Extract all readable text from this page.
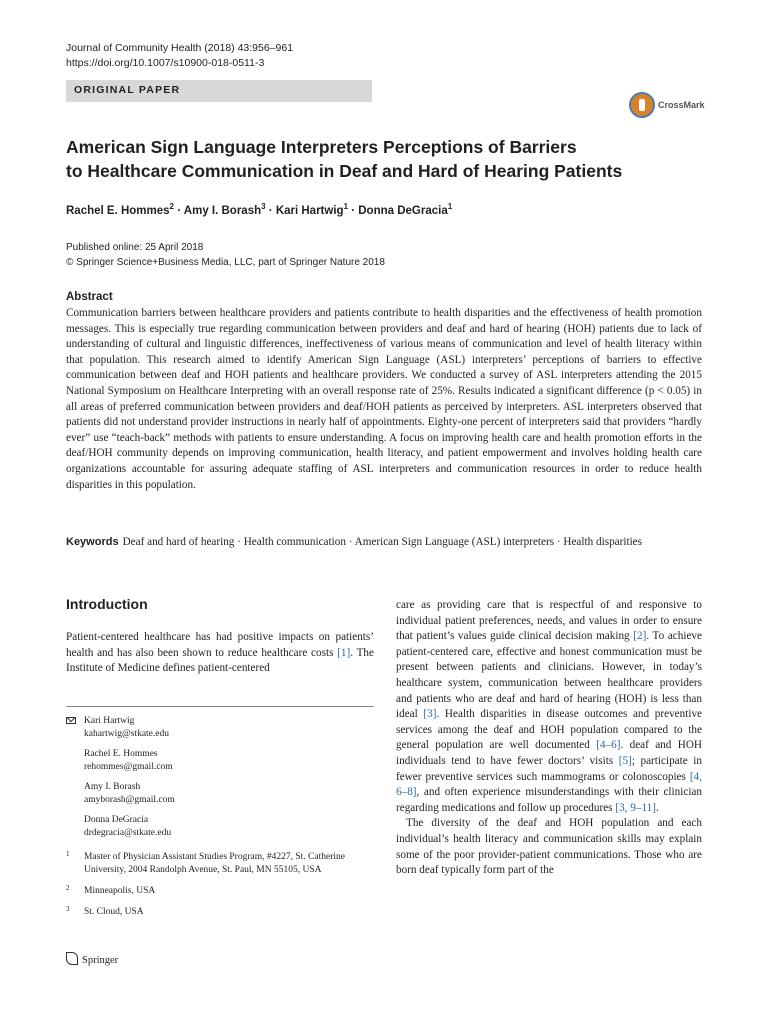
Journal of Community Health (2018) 43:956–961
https://doi.org/10.1007/s10900-018-0511-3
ORIGINAL PAPER
CrossMark
American Sign Language Interpreters Perceptions of Barriers
to Healthcare Communication in Deaf and Hard of Hearing Patients
Rachel E. Hommes$^2$ · Amy I. Borash$^3$ · Kari Hartwig$^1$ · Donna DeGracia$^1$
Published online: 25 April 2018
© Springer Science+Business Media, LLC, part of Springer Nature 2018
Abstract
Communication barriers between healthcare providers and patients contribute to health disparities and the effectiveness of health promotion messages. This is especially true regarding communication between providers and deaf and hard of hearing (HOH) patients due to lack of understanding of cultural and linguistic differences, ineffectiveness of various means of communication and level of health literacy within that population. This research aimed to identify American Sign Language (ASL) interpreters’ perceptions of barriers to effective communication between deaf and HOH patients and healthcare providers. We conducted a survey of ASL interpreters attending the 2015 National Symposium on Healthcare Interpreting with an overall response rate of 25%. Results indicated a significant difference (p < 0.05) in all areas of preferred communication between providers and deaf/HOH patients as perceived by interpreters. ASL interpreters observed that patients did not understand provider instructions in nearly half of appointments. Eighty-one percent of interpreters said that providers “hardly ever” use “teach-back” methods with patients to ensure understanding. A focus on improving health care and health promotion efforts in the deaf/HOH community depends on improving communication, health literacy, and patient empowerment and involves holding health care organizations accountable for assuring adequate staffing of ASL interpreters and communication resources in order to reduce health disparities in this population.
Keywords Deaf and hard of hearing · Health communication · American Sign Language (ASL) interpreters · Health disparities
Introduction
Patient-centered healthcare has had positive impacts on patients’ health and has also been shown to reduce healthcare costs [1]. The Institute of Medicine defines patient-centered
Kari Hartwig
kahartwig@stkate.edu
Rachel E. Hommes
rehommes@gmail.com
Amy I. Borash
amyborash@gmail.com
Donna DeGracia
drdegracia@stkate.edu
1 Master of Physician Assistant Studies Program, #4227, St. Catherine University, 2004 Randolph Avenue, St. Paul, MN 55105, USA
2 Minneapolis, USA
3 St. Cloud, USA

care as providing care that is respectful of and responsive to individual patient preferences, needs, and values in order to ensure that patient’s values guide clinical decision making [2]. To achieve patient-centered care, effective and honest communication must be present between patients and clinicians. However, in today’s healthcare system, communication between healthcare providers and patients who are deaf and hard of hearing (HOH) is less than ideal [3]. Health disparities in disease outcomes and preventive services among the deaf and HOH population compared to the general population are well documented [4–6]. deaf and HOH individuals tend to have fewer doctors’ visits [5]; participate in fewer preventive services such mammograms or colonoscopies [4, 6–8], and often experience misunderstandings with their clinician regarding medications and follow up procedures [3, 9–11].

The diversity of the deaf and HOH population and each individual’s health literacy and communication skills may explain some of the poor provider-patient communications. Those who are born deaf typically form part of the

Springer
